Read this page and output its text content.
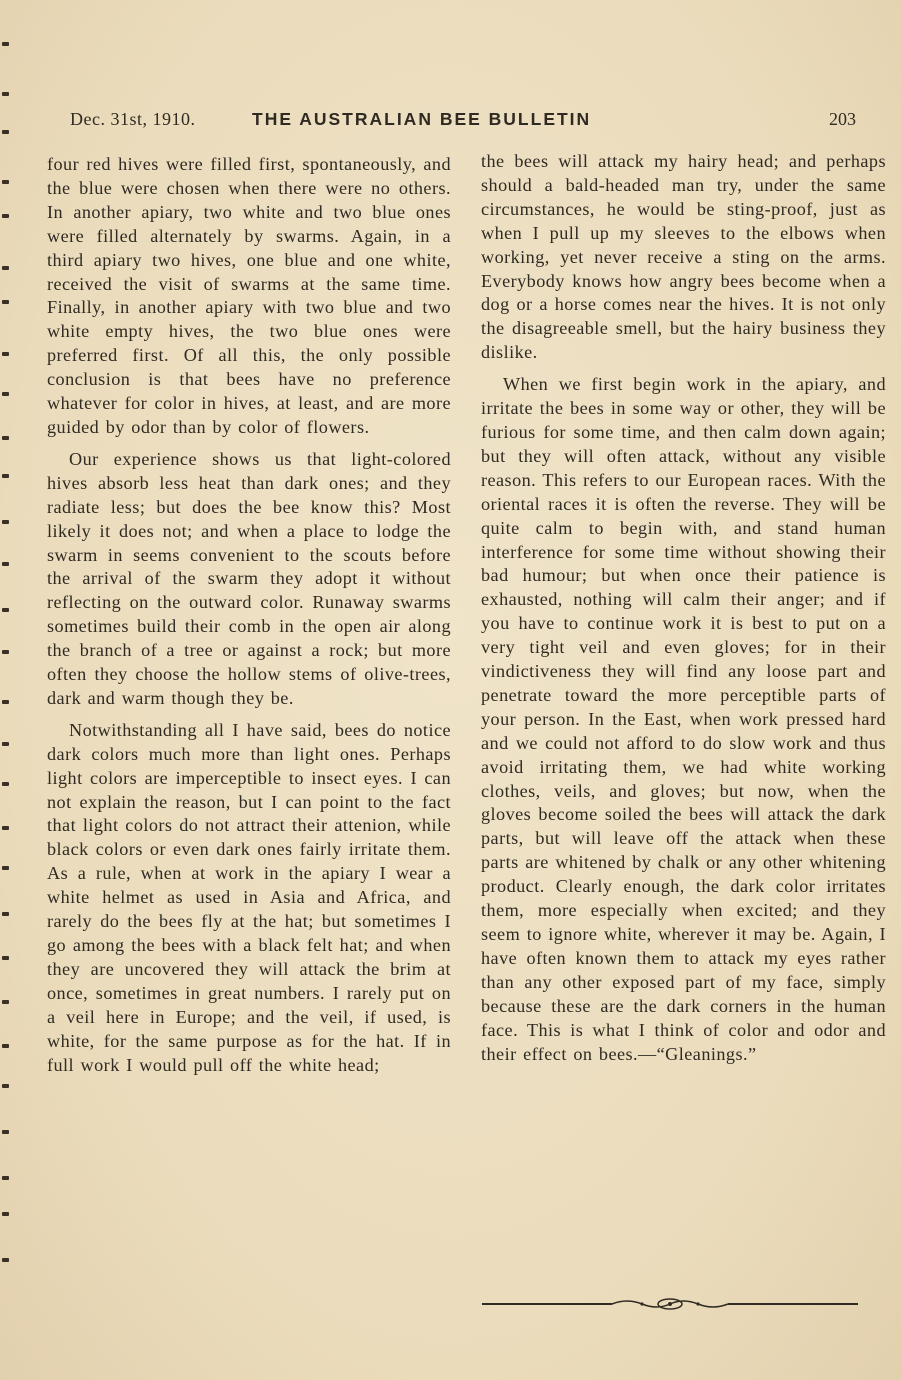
Dec. 31st, 1910.	THE AUSTRALIAN BEE BULLETIN	203

four red hives were filled first, spontaneously, and the blue were chosen when there were no others. In another apiary, two white and two blue ones were filled alternately by swarms. Again, in a third apiary two hives, one blue and one white, received the visit of swarms at the same time. Finally, in another apiary with two blue and two white empty hives, the two blue ones were preferred first. Of all this, the only possible conclusion is that bees have no preference whatever for color in hives, at least, and are more guided by odor than by color of flowers.

Our experience shows us that light-colored hives absorb less heat than dark ones; and they radiate less; but does the bee know this? Most likely it does not; and when a place to lodge the swarm in seems convenient to the scouts before the arrival of the swarm they adopt it without reflecting on the outward color. Runaway swarms sometimes build their comb in the open air along the branch of a tree or against a rock; but more often they choose the hollow stems of olive-trees, dark and warm though they be.

Notwithstanding all I have said, bees do notice dark colors much more than light ones. Perhaps light colors are imperceptible to insect eyes. I can not explain the reason, but I can point to the fact that light colors do not attract their attenion, while black colors or even dark ones fairly irritate them. As a rule, when at work in the apiary I wear a white helmet as used in Asia and Africa, and rarely do the bees fly at the hat; but sometimes I go among the bees with a black felt hat; and when they are uncovered they will attack the brim at once, sometimes in great numbers. I rarely put on a veil here in Europe; and the veil, if used, is white, for the same purpose as for the hat. If in full work I would pull off the white head;

the bees will attack my hairy head; and perhaps should a bald-headed man try, under the same circumstances, he would be sting-proof, just as when I pull up my sleeves to the elbows when working, yet never receive a sting on the arms. Everybody knows how angry bees become when a dog or a horse comes near the hives. It is not only the disagreeable smell, but the hairy business they dislike.

When we first begin work in the apiary, and irritate the bees in some way or other, they will be furious for some time, and then calm down again; but they will often attack, without any visible reason. This refers to our European races. With the oriental races it is often the reverse. They will be quite calm to begin with, and stand human interference for some time without showing their bad humour; but when once their patience is exhausted, nothing will calm their anger; and if you have to continue work it is best to put on a very tight veil and even gloves; for in their vindictiveness they will find any loose part and penetrate toward the more perceptible parts of your person. In the East, when work pressed hard and we could not afford to do slow work and thus avoid irritating them, we had white working clothes, veils, and gloves; but now, when the gloves become soiled the bees will attack the dark parts, but will leave off the attack when these parts are whitened by chalk or any other whitening product. Clearly enough, the dark color irritates them, more especially when excited; and they seem to ignore white, wherever it may be. Again, I have often known them to attack my eyes rather than any other exposed part of my face, simply because these are the dark corners in the human face. This is what I think of color and odor and their effect on bees.—“Gleanings.”
